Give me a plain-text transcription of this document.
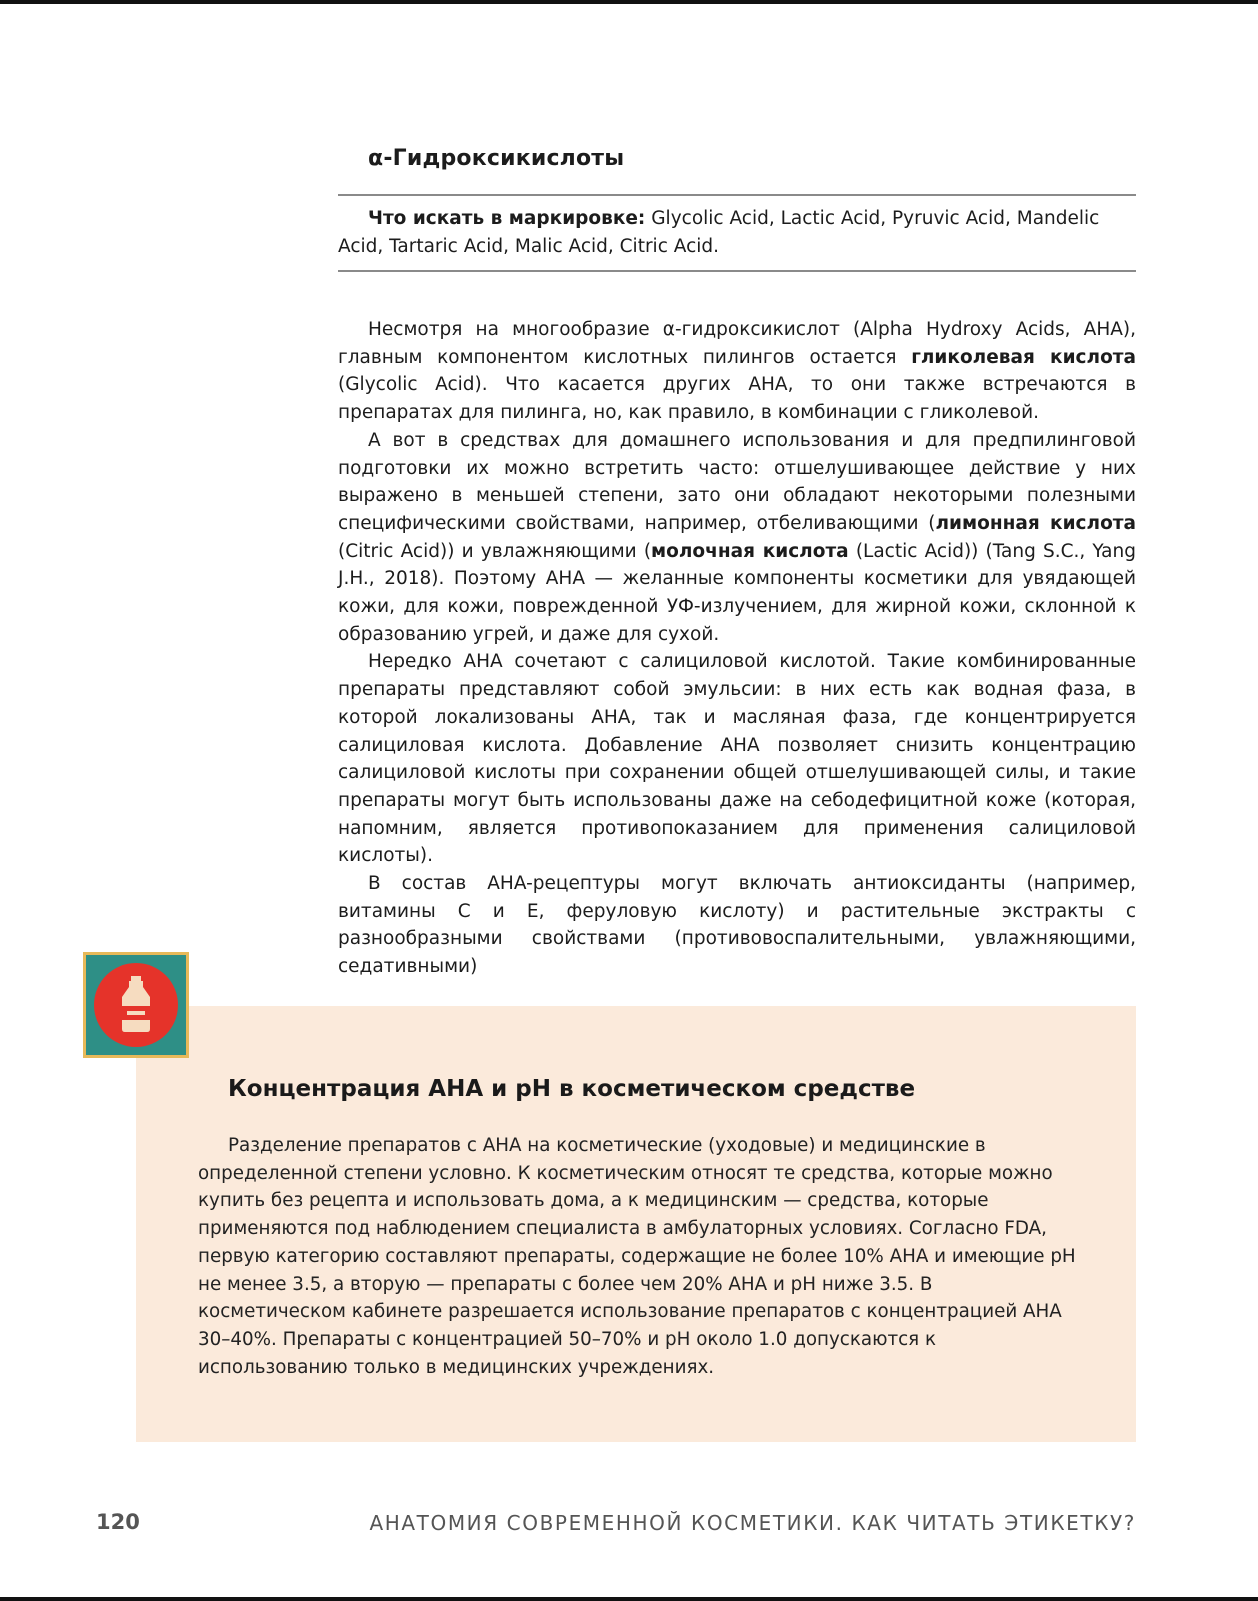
α-Гидроксикислоты

Что искать в маркировке: Glycolic Acid, Lactic Acid, Pyruvic Acid, Mandelic Acid, Tartaric Acid, Malic Acid, Citric Acid.

Несмотря на многообразие α-гидроксикислот (Alpha Hydroxy Acids, AHA), главным компонентом кислотных пилингов остается гликолевая кислота (Glycolic Acid). Что касается других AHA, то они также встречаются в препаратах для пилинга, но, как правило, в комбинации с гликолевой.

А вот в средствах для домашнего использования и для предпилинговой подготовки их можно встретить часто: отшелушивающее действие у них выражено в меньшей степени, зато они обладают некоторыми полезными специфическими свойствами, например, отбеливающими (лимонная кислота (Citric Acid)) и увлажняющими (молочная кислота (Lactic Acid)) (Tang S.C., Yang J.H., 2018). Поэтому AHA — желанные компоненты косметики для увядающей кожи, для кожи, поврежденной УФ-излучением, для жирной кожи, склонной к образованию угрей, и даже для сухой.

Нередко AHA сочетают с салициловой кислотой. Такие комбинированные препараты представляют собой эмульсии: в них есть как водная фаза, в которой локализованы AHA, так и масляная фаза, где концентрируется салициловая кислота. Добавление AHA позволяет снизить концентрацию салициловой кислоты при сохранении общей отшелушивающей силы, и такие препараты могут быть использованы даже на себодефицитной коже (которая, напомним, является противопоказанием для применения салициловой кислоты).

В состав AHA-рецептуры могут включать антиоксиданты (например, витамины С и Е, феруловую кислоту) и растительные экстракты с разнообразными свойствами (противовоспалительными, увлажняющими, седативными)

Концентрация AHA и pH в косметическом средстве

Разделение препаратов с AHA на косметические (уходовые) и медицинские в определенной степени условно. К косметическим относят те средства, которые можно купить без рецепта и использовать дома, а к медицинским — средства, которые применяются под наблюдением специалиста в амбулаторных условиях. Согласно FDA, первую категорию составляют препараты, содержащие не более 10% AHA и имеющие pH не менее 3.5, а вторую — препараты с более чем 20% AHA и pH ниже 3.5. В косметическом кабинете разрешается использование препаратов с концентрацией AHA 30–40%. Препараты с концентрацией 50–70% и pH около 1.0 допускаются к использованию только в медицинских учреждениях.

120	АНАТОМИЯ СОВРЕМЕННОЙ КОСМЕТИКИ. КАК ЧИТАТЬ ЭТИКЕТКУ?
